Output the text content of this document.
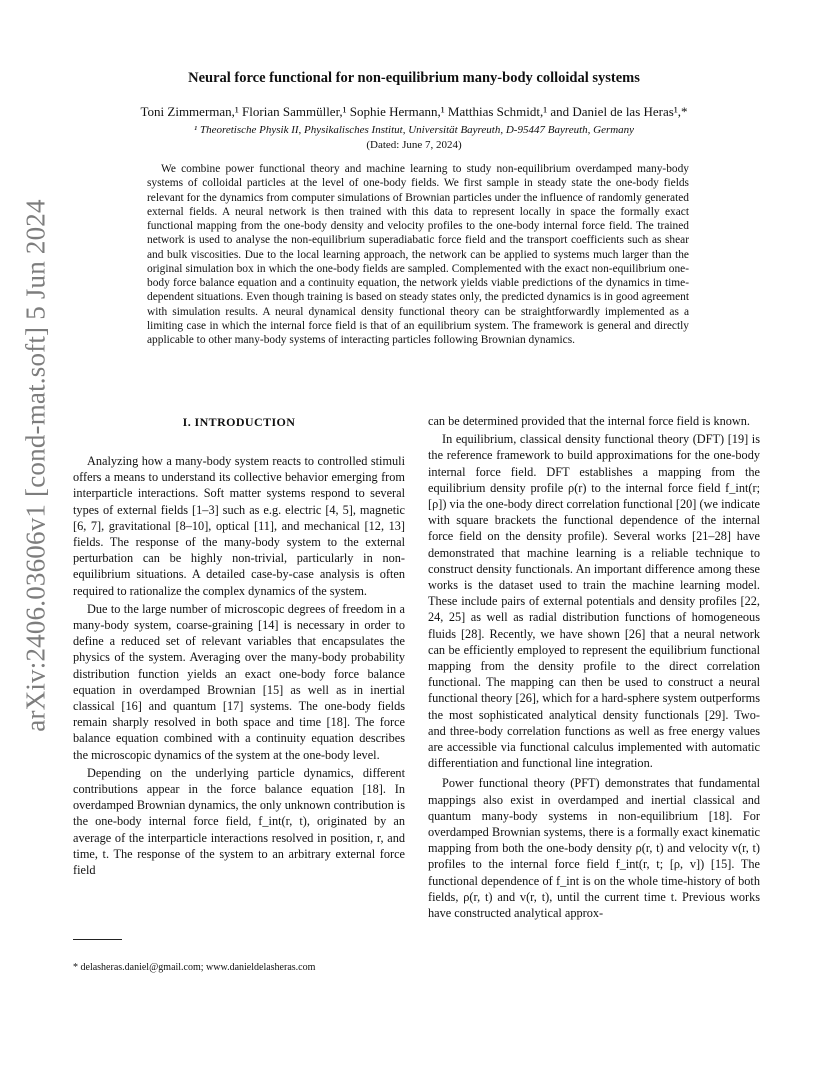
arXiv:2406.03606v1 [cond-mat.soft] 5 Jun 2024
Neural force functional for non-equilibrium many-body colloidal systems
Toni Zimmerman,¹ Florian Sammüller,¹ Sophie Hermann,¹ Matthias Schmidt,¹ and Daniel de las Heras¹,*
¹ Theoretische Physik II, Physikalisches Institut, Universität Bayreuth, D-95447 Bayreuth, Germany
(Dated: June 7, 2024)

We combine power functional theory and machine learning to study non-equilibrium overdamped many-body systems of colloidal particles at the level of one-body fields. We first sample in steady state the one-body fields relevant for the dynamics from computer simulations of Brownian particles under the influence of randomly generated external fields. A neural network is then trained with this data to represent locally in space the formally exact functional mapping from the one-body density and velocity profiles to the one-body internal force field. The trained network is used to analyse the non-equilibrium superadiabatic force field and the transport coefficients such as shear and bulk viscosities. Due to the local learning approach, the network can be applied to systems much larger than the original simulation box in which the one-body fields are sampled. Complemented with the exact non-equilibrium one-body force balance equation and a continuity equation, the network yields viable predictions of the dynamics in time-dependent situations. Even though training is based on steady states only, the predicted dynamics is in good agreement with simulation results. A neural dynamical density functional theory can be straightforwardly implemented as a limiting case in which the internal force field is that of an equilibrium system. The framework is general and directly applicable to other many-body systems of interacting particles following Brownian dynamics.

I. INTRODUCTION

Analyzing how a many-body system reacts to controlled stimuli offers a means to understand its collective behavior emerging from interparticle interactions. Soft matter systems respond to several types of external fields [1–3] such as e.g. electric [4, 5], magnetic [6, 7], gravitational [8–10], optical [11], and mechanical [12, 13] fields. The response of the many-body system to the external perturbation can be highly non-trivial, particularly in non-equilibrium situations. A detailed case-by-case analysis is often required to rationalize the complex dynamics of the system.

Due to the large number of microscopic degrees of freedom in a many-body system, coarse-graining [14] is necessary in order to define a reduced set of relevant variables that encapsulates the physics of the system. Averaging over the many-body probability distribution function yields an exact one-body force balance equation in overdamped Brownian [15] as well as in inertial classical [16] and quantum [17] systems. The one-body fields remain sharply resolved in both space and time [18]. The force balance equation combined with a continuity equation describes the microscopic dynamics of the system at the one-body level.

Depending on the underlying particle dynamics, different contributions appear in the force balance equation [18]. In overdamped Brownian dynamics, the only unknown contribution is the one-body internal force field, f_int(r, t), originated by an average of the interparticle interactions resolved in position, r, and time, t. The response of the system to an arbitrary external force field

can be determined provided that the internal force field is known.

In equilibrium, classical density functional theory (DFT) [19] is the reference framework to build approximations for the one-body internal force field. DFT establishes a mapping from the equilibrium density profile ρ(r) to the internal force field f_int(r; [ρ]) via the one-body direct correlation functional [20] (we indicate with square brackets the functional dependence of the internal force field on the density profile). Several works [21–28] have demonstrated that machine learning is a reliable technique to construct density functionals. An important difference among these works is the dataset used to train the machine learning model. These include pairs of external potentials and density profiles [22, 24, 25] as well as radial distribution functions of homogeneous fluids [28]. Recently, we have shown [26] that a neural network can be efficiently employed to represent the equilibrium functional mapping from the density profile to the direct correlation functional. The mapping can then be used to construct a neural functional theory [26], which for a hard-sphere system outperforms the most sophisticated analytical density functionals [29]. Two- and three-body correlation functions as well as free energy values are accessible via functional calculus implemented with automatic differentiation and functional line integration.

Power functional theory (PFT) demonstrates that fundamental mappings also exist in overdamped and inertial classical and quantum many-body systems in non-equilibrium [18]. For overdamped Brownian systems, there is a formally exact kinematic mapping from both the one-body density ρ(r, t) and velocity v(r, t) profiles to the internal force field f_int(r, t; [ρ, v]) [15]. The functional dependence of f_int is on the whole time-history of both fields, ρ(r, t) and v(r, t), until the current time t. Previous works have constructed analytical approx-

* delasheras.daniel@gmail.com; www.danieldelasheras.com
